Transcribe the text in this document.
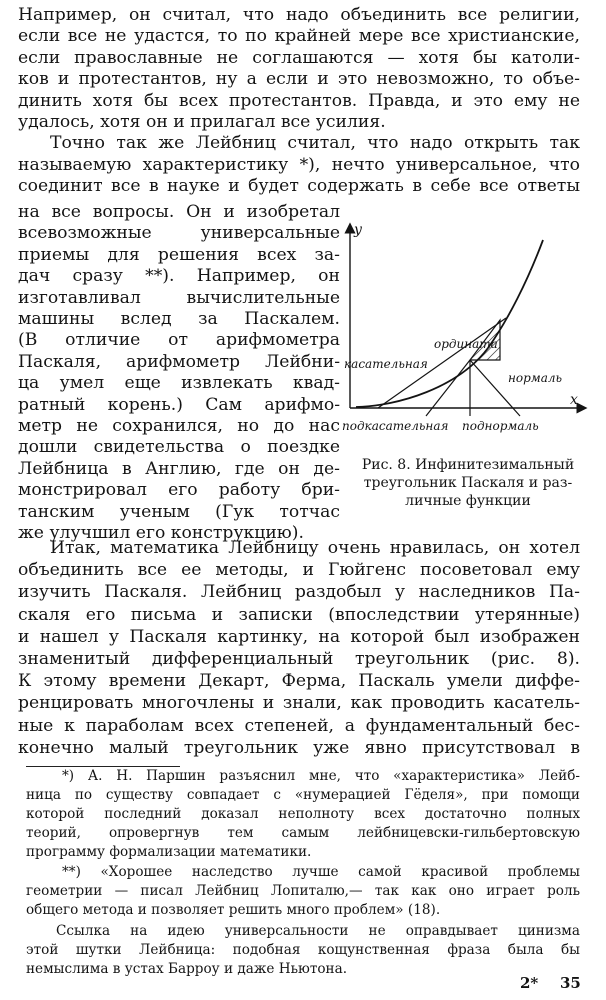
Например, он считал, что надо объединить все религии,
если все не удастся, то по крайней мере все христианские,
если православные не соглашаются — хотя бы католи-
ков и протестантов, ну а если и это невозможно, то объе-
динить хотя бы всех протестантов. Правда, и это ему не
удалось, хотя он и прилагал все усилия.
Точно так же Лейбниц считал, что надо открыть так
называемую характеристику *), нечто универсальное, что
соединит все в науке и будет содержать в себе все ответы
на все вопросы. Он и изобретал
всевозможные универсальные
приемы для решения всех за-
дач сразу **). Например, он
изготавливал вычислительные
машины вслед за Паскалем.
(В отличие от арифмометра
Паскаля, арифмометр Лейбни-
ца умел еще извлекать квад-
ратный корень.) Сам арифмо-
метр не сохранился, но до нас
дошли свидетельства о поездке
Лейбница в Англию, где он де-
монстрировал его работу бри-
танским ученым (Гук тотчас
же улучшил его конструкцию).
y
x
ордината
касательная
нормаль
подкасательная поднормаль
Рис. 8. Инфинитезимальный
треугольник Паскаля и раз-
личные функции
Итак, математика Лейбницу очень нравилась, он хотел
объединить все ее методы, и Гюйгенс посоветовал ему
изучить Паскаля. Лейбниц раздобыл у наследников Па-
скаля его письма и записки (впоследствии утерянные)
и нашел у Паскаля картинку, на которой был изображен
знаменитый дифференциальный треугольник (рис. 8).
К этому времени Декарт, Ферма, Паскаль умели диффе-
ренцировать многочлены и знали, как проводить касатель-
ные к параболам всех степеней, а фундаментальный бес-
конечно малый треугольник уже явно присутствовал в
*) А. Н. Паршин разъяснил мне, что «характеристика» Лейб-
ница по существу совпадает с «нумерацией Гёделя», при помощи
которой последний доказал неполноту всех достаточно полных
теорий, опровергнув тем самым лейбницевски-гильбертовскую
программу формализации математики.
**) «Хорошее наследство лучше самой красивой проблемы
геометрии — писал Лейбниц Лопиталю,— так как оно играет роль
общего метода и позволяет решить много проблем» (18).
Ссылка на идею универсальности не оправдывает цинизма
этой шутки Лейбница: подобная кощунственная фраза была бы
немыслима в устах Барроу и даже Ньютона.
2* 35
